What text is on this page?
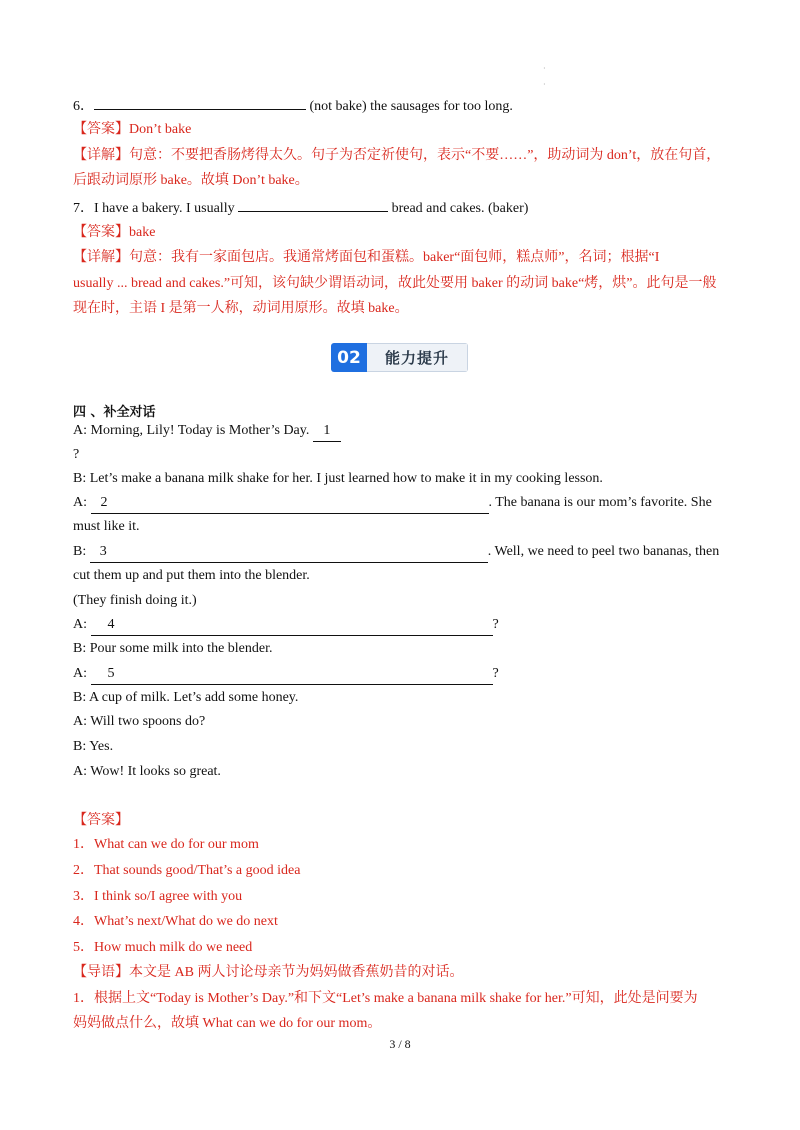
·
·
6．	(not bake) the sausages for too long.
【答案】Don’t bake
【详解】句意：不要把香肠烤得太久。句子为否定祈使句，表示“不要……”，助动词为 don’t，放在句首，
后跟动词原形 bake。故填 Don’t bake。
7．I have a bakery. I usually	bread and cakes. (baker)
【答案】bake
【详解】句意：我有一家面包店。我通常烤面包和蛋糕。baker“面包师，糕点师”，名词；根据“I
usually ... bread and cakes.”可知，该句缺少谓语动词，故此处要用 baker 的动词 bake“烤，烘”。此句是一般
现在时，主语 I 是第一人称，动词用原形。故填 bake。
02	能力提升
四 、补全对话
A: Morning, Lily! Today is Mother’s Day. 1
?
B: Let’s make a banana milk shake for her. I just learned how to make it in my cooking lesson.
A: 2	. The banana is our mom’s favorite. She
must like it.
B: 3	. Well, we need to peel two bananas, then
cut them up and put them into the blender.
(They finish doing it.)
A: 4	?
B: Pour some milk into the blender.
A: 5	?
B: A cup of milk. Let’s add some honey.
A: Will two spoons do?
B: Yes.
A: Wow! It looks so great.
【答案】
1．What can we do for our mom
2．That sounds good/That’s a good idea
3．I think so/I agree with you
4．What’s next/What do we do next
5．How much milk do we need
【导语】本文是 AB 两人讨论母亲节为妈妈做香蕉奶昔的对话。
1．根据上文“Today is Mother’s Day.”和下文“Let’s make a banana milk shake for her.”可知，此处是问要为
妈妈做点什么，故填 What can we do for our mom。
3 / 8
